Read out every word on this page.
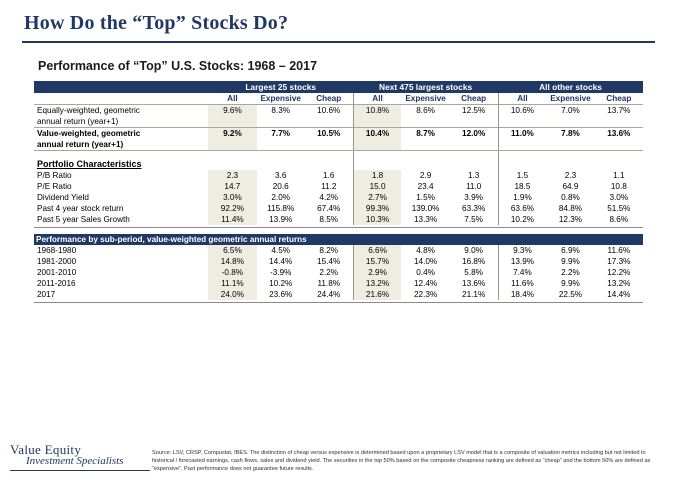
How Do the “Top” Stocks Do?
Performance of “Top” U.S. Stocks: 1968 – 2017
	Largest 25 stocks			Next 475 largest stocks			All other stocks		
	All	Expensive	Cheap	All	Expensive	Cheap	All	Expensive	Cheap
Equally-weighted, geometric	9.6%	8.3%	10.6%	10.8%	8.6%	12.5%	10.6%	7.0%	13.7%
annual return (year+1)									
Value-weighted, geometric	9.2%	7.7%	10.5%	10.4%	8.7%	12.0%	11.0%	7.8%	13.6%
annual return (year+1)									

Portfolio Characteristics									
P/B Ratio	2.3	3.6	1.6	1.8	2.9	1.3	1.5	2.3	1.1
P/E Ratio	14.7	20.6	11.2	15.0	23.4	11.0	18.5	64.9	10.8
Dividend Yield	3.0%	2.0%	4.2%	2.7%	1.5%	3.9%	1.9%	0.8%	3.0%
Past 4 year stock return	92.2%	115.8%	67.4%	99.3%	139.0%	63.3%	63.6%	84.8%	51.5%
Past 5 year Sales Growth	11.4%	13.9%	8.5%	10.3%	13.3%	7.5%	10.2%	12.3%	8.6%

Performance by sub-period, value-weighted geometric annual returns									
1968-1980	6.5%	4.5%	8.2%	6.6%	4.8%	9.0%	9.3%	6.9%	11.6%
1981-2000	14.8%	14.4%	15.4%	15.7%	14.0%	16.8%	13.9%	9.9%	17.3%
2001-2010	-0.8%	-3.9%	2.2%	2.9%	0.4%	5.8%	7.4%	2.2%	12.2%
2011-2016	11.1%	10.2%	11.8%	13.2%	12.4%	13.6%	11.6%	9.9%	13.2%
2017	24.0%	23.6%	24.4%	21.6%	22.3%	21.1%	18.4%	22.5%	14.4%

Value Equity
Investment Specialists
Source: LSV, CRSP, Compustat, IBES. The distinction of cheap versus expensive is determined based upon a proprietary LSV model that is a composite of valuation metrics including but not limited to historical / forecasted earnings, cash flows, sales and dividend yield. The securities in the top 50% based on the composite cheapness ranking are defined as “cheap” and the bottom 50% are defined as “expensive”. Past performance does not guarantee future results.
